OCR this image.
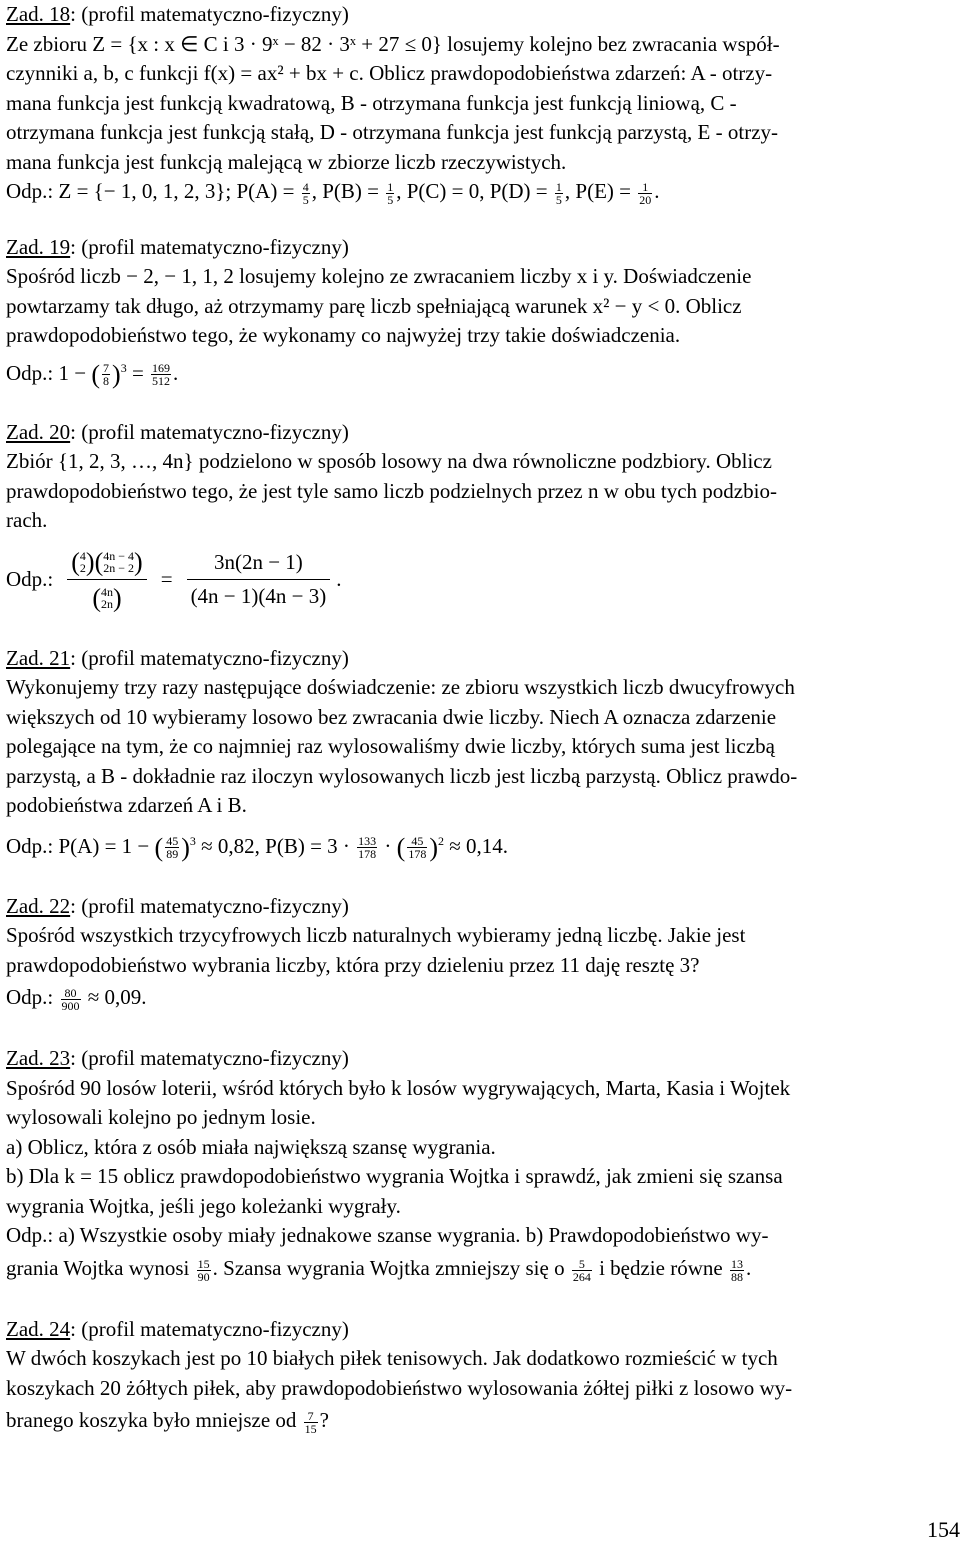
Zad. 18: (profil matematyczno-fizyczny)

Ze zbioru Z = {x : x ∈ C i 3 · 9ˣ − 82 · 3ˣ + 27 ≤ 0} losujemy kolejno bez zwracania współ-

czynniki a, b, c funkcji f(x) = ax² + bx + c. Oblicz prawdopodobieństwa zdarzeń: A - otrzy-

mana funkcja jest funkcją kwadratową, B - otrzymana funkcja jest funkcją liniową, C -

otrzymana funkcja jest funkcją stałą, D - otrzymana funkcja jest funkcją parzystą, E - otrzy-

mana funkcja jest funkcją malejącą w zbiorze liczb rzeczywistych.

Odp.: Z = {− 1, 0, 1, 2, 3}; $P(A) = \frac{4}{5}$ , $P(B) = \frac{1}{5}$ , P(C) = 0, $P(D) = \frac{1}{5}$ , $P(E) = \frac{1}{20}$ .
Zad. 19: (profil matematyczno-fizyczny)

Spośród liczb − 2, − 1, 1, 2 losujemy kolejno ze zwracaniem liczby x i y. Doświadczenie

powtarzamy tak długo, aż otrzymamy parę liczb spełniającą warunek x² − y < 0. Oblicz

prawdopodobieństwo tego, że wykonamy co najwyżej trzy takie doświadczenia.

Odp.: 1 − ( $\frac{7}{8} )^3 = \frac{169}{512}$ .
Zad. 20: (profil matematyczno-fizyczny)

Zbiór {1, 2, 3, …, 4n} podzielono w sposób losowy na dwa równoliczne podzbiory. Oblicz

prawdopodobieństwo tego, że jest tyle samo liczb podzielnych przez n w obu tych podzbio-

rach.

Odp.: ( 4
2 )( 4n − 4
2n − 2 )
( 4n
2n ) = $\frac{3n(2n - 1)}{(4n - 1)(4n - 3)}$ .
Zad. 21: (profil matematyczno-fizyczny)

Wykonujemy trzy razy następujące doświadczenie: ze zbioru wszystkich liczb dwucyfrowych

większych od 10 wybieramy losowo bez zwracania dwie liczby. Niech A oznacza zdarzenie

polegające na tym, że co najmniej raz wylosowaliśmy dwie liczby, których suma jest liczbą

parzystą, a B - dokładnie raz iloczyn wylosowanych liczb jest liczbą parzystą. Oblicz prawdo-

podobieństwa zdarzeń A i B.

Odp.: P(A) = 1 − ( $\frac{45}{89} )^3 \approx 0,82$, $P(B) = 3 \cdot \frac{133}{178}$ · ( $\frac{45}{178} )^2 \approx 0,14$.
Zad. 22: (profil matematyczno-fizyczny)

Spośród wszystkich trzycyfrowych liczb naturalnych wybieramy jedną liczbę. Jakie jest

prawdopodobieństwo wybrania liczby, która przy dzieleniu przez 11 daję resztę 3?

Odp.: $\frac{80}{900} \approx 0,09$.
Zad. 23: (profil matematyczno-fizyczny)

Spośród 90 losów loterii, wśród których było k losów wygrywających, Marta, Kasia i Wojtek

wylosowali kolejno po jednym losie.

a) Oblicz, która z osób miała największą szansę wygrania.

b) Dla k = 15 oblicz prawdopodobieństwo wygrania Wojtka i sprawdź, jak zmieni się szansa

wygrania Wojtka, jeśli jego koleżanki wygrały.

Odp.: a) Wszystkie osoby miały jednakowe szanse wygrania. b) Prawdopodobieństwo wy-

grania Wojtka wynosi $\frac{15}{90}$ . Szansa wygrania Wojtka zmniejszy się o $\frac{5}{264}$ i będzie równe $\frac{13}{88}$ .
Zad. 24: (profil matematyczno-fizyczny)

W dwóch koszykach jest po 10 białych piłek tenisowych. Jak dodatkowo rozmieścić w tych

koszykach 20 żółtych piłek, aby prawdopodobieństwo wylosowania żółtej piłki z losowo wy-

branego koszyka było mniejsze od $\frac{7}{15}$ ?
154
